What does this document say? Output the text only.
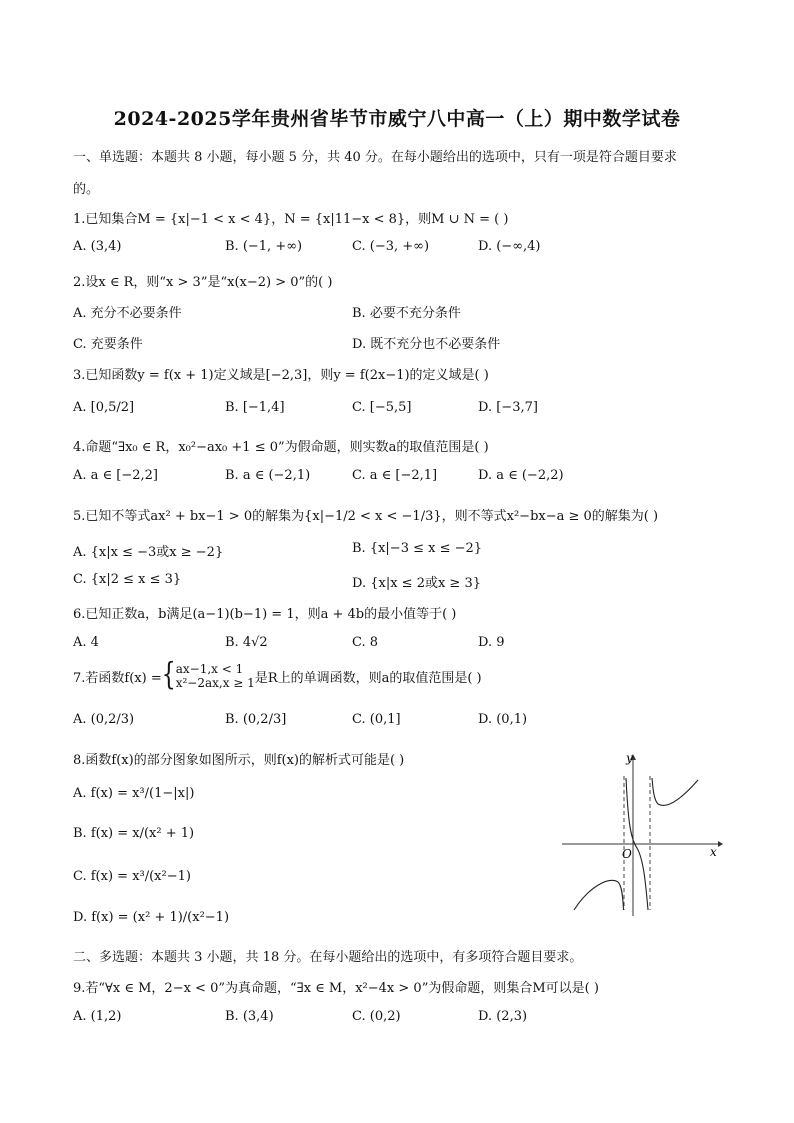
2024-2025学年贵州省毕节市威宁八中高一（上）期中数学试卷
一、单选题：本题共 8 小题，每小题 5 分，共 40 分。在每小题给出的选项中，只有一项是符合题目要求
的。
1.已知集合M = {x|−1 < x < 4}，N = {x|11−x < 8}，则M ∪ N = ( )
A. (3,4)	B. (−1, +∞)	C. (−3, +∞)	D. (−∞,4)
2.设x ∈ R，则“x > 3”是“x(x−2) > 0”的( )
A. 充分不必要条件	B. 必要不充分条件
C. 充要条件	D. 既不充分也不必要条件
3.已知函数y = f(x + 1)定义域是[−2,3]，则y = f(2x−1)的定义域是( )
A. [0,5/2]	B. [−1,4]	C. [−5,5]	D. [−3,7]
4.命题“∃x₀ ∈ R，x₀²−ax₀ +1 ≤ 0”为假命题，则实数a的取值范围是( )
A. a ∈ [−2,2]	B. a ∈ (−2,1)	C. a ∈ [−2,1]	D. a ∈ (−2,2)
5.已知不等式ax² + bx−1 > 0的解集为{x|−1/2 < x < −1/3}，则不等式x²−bx−a ≥ 0的解集为( )
A. {x|x ≤ −3或x ≥ −2}	B. {x|−3 ≤ x ≤ −2}
C. {x|2 ≤ x ≤ 3}	D. {x|x ≤ 2或x ≥ 3}
6.已知正数a，b满足(a−1)(b−1) = 1，则a + 4b的最小值等于( )
A. 4	B. 4√2	C. 8	D. 9
7.若函数f(x) ={ ax−1,x < 1
x²−2ax,x ≥ 1 是R上的单调函数，则a的取值范围是( )
A. (0,2/3)	B. (0,2/3]	C. (0,1]	D. (0,1)
8.函数f(x)的部分图象如图所示，则f(x)的解析式可能是( )
A. f(x) = x³/(1−|x|)
B. f(x) = x/(x² + 1)
C. f(x) = x³/(x²−1)
D. f(x) = (x² + 1)/(x²−1)
y
x
O
二、多选题：本题共 3 小题，共 18 分。在每小题给出的选项中，有多项符合题目要求。
9.若“∀x ∈ M，2−x < 0”为真命题，“∃x ∈ M，x²−4x > 0”为假命题，则集合M可以是( )
A. (1,2)	B. (3,4)	C. (0,2)	D. (2,3)
